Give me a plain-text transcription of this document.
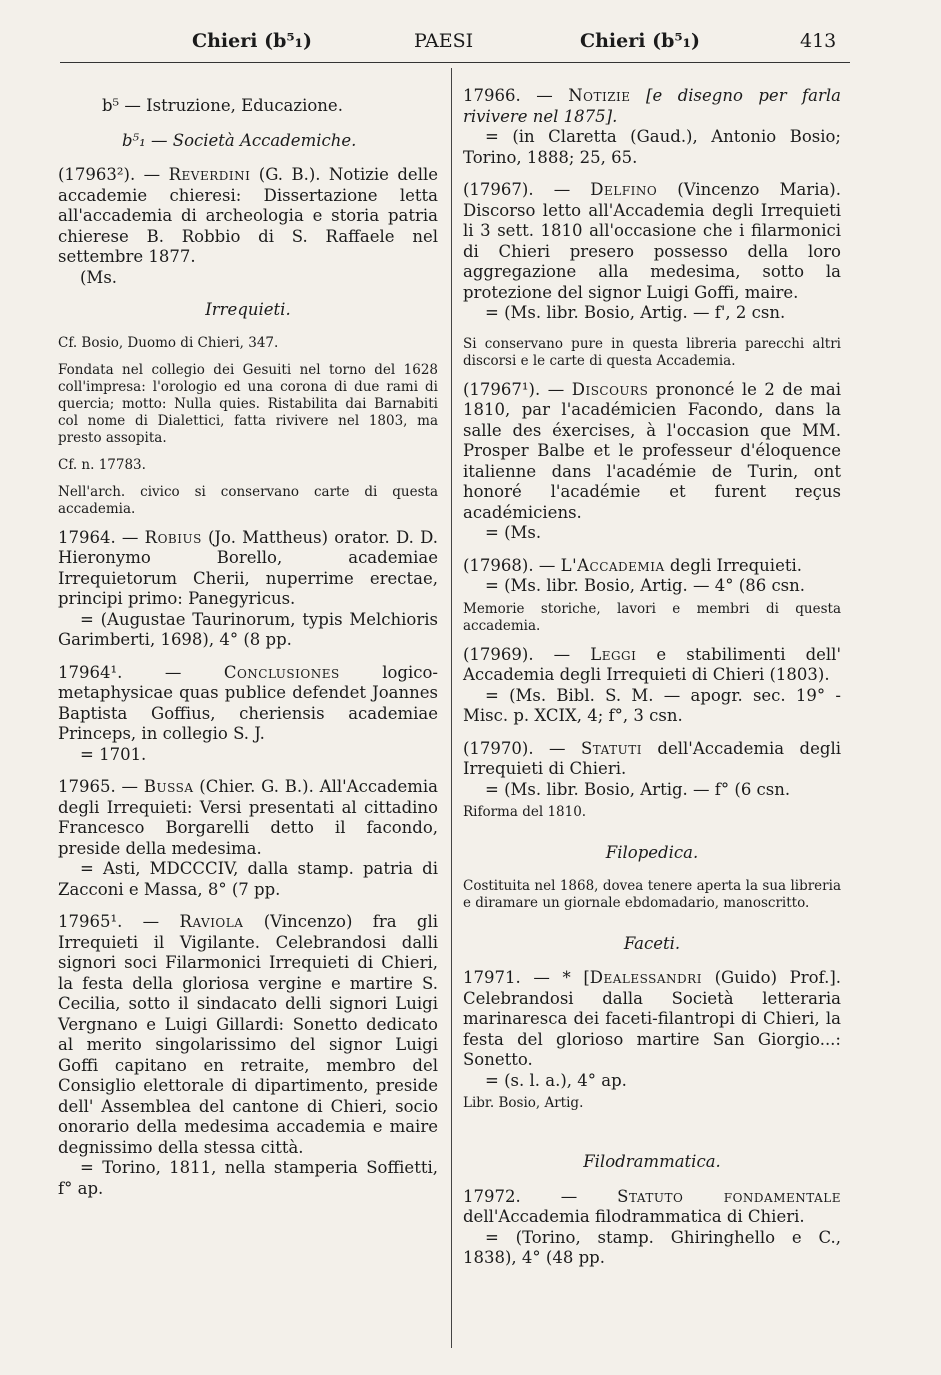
Chieri (b⁵₁)	PAESI	Chieri (b⁵₁)	413
b⁵ — Istruzione, Educazione.
b⁵₁ — Società Accademiche.
(17963²). — Reverdini (G. B.). Notizie delle accademie chieresi: Dissertazione letta all'accademia di archeologia e storia patria chierese B. Robbio di S. Raffaele nel settembre 1877.

(Ms.

Irrequieti.

Cf. Bosio, Duomo di Chieri, 347.

Fondata nel collegio dei Gesuiti nel torno del 1628 coll'impresa: l'orologio ed una corona di due rami di quercia; motto: Nulla quies. Ristabilita dai Barnabiti col nome di Dialettici, fatta rivivere nel 1803, ma presto assopita.

Cf. n. 17783.

Nell'arch. civico si conservano carte di questa accademia.

17964. — Robius (Jo. Mattheus) orator. D. D. Hieronymo Borello, academiae Irrequietorum Cherii, nuperrime erectae, principi primo: Panegyricus.

= (Augustae Taurinorum, typis Melchioris Garimberti, 1698), 4° (8 pp.

17964¹. —	Conclusiones logico-metaphysicae quas publice defendet Joannes Baptista Goffius, cheriensis academiae Princeps, in collegio S. J.

= 1701.

17965. — Bussa (Chier. G. B.). All'Accademia degli Irrequieti: Versi presentati al cittadino Francesco Borgarelli detto il facondo, preside della medesima.

= Asti, MDCCCIV, dalla stamp. patria di Zacconi e Massa, 8° (7 pp.

17965¹. — Raviola (Vincenzo) fra gli Irrequieti il Vigilante. Celebrandosi dalli signori soci Filarmonici Irrequieti di Chieri, la festa della gloriosa vergine e martire S. Cecilia, sotto il sindacato delli signori Luigi Vergnano e Luigi Gillardi: Sonetto dedicato al merito singolarissimo del signor Luigi Goffi capitano en retraite, membro del Consiglio elettorale di dipartimento, preside dell' Assemblea del cantone di Chieri, socio onorario della medesima accademia e maire degnissimo della stessa città.

= Torino, 1811, nella stamperia Soffietti, f° ap.

17966. — Notizie [e disegno per farla rivivere nel 1875].

= (in Claretta (Gaud.), Antonio Bosio; Torino, 1888; 25, 65.

(17967). — Delfino (Vincenzo Maria). Discorso letto all'Accademia degli Irrequieti li 3 sett. 1810 all'occasione che i filarmonici di Chieri presero possesso della loro aggregazione alla medesima, sotto la protezione del signor Luigi Goffi, maire.

= (Ms. libr. Bosio, Artig. — f', 2 csn.

Si conservano pure in questa libreria parecchi altri discorsi e le carte di questa Accademia.

(17967¹). — Discours prononcé le 2 de mai 1810, par l'académicien Facondo, dans la salle des éxercises, à l'occasion que MM. Prosper Balbe et le professeur d'éloquence italienne dans l'académie de Turin, ont honoré l'académie et furent reçus académiciens.

= (Ms.

(17968). — L'Accademia degli Irrequieti.

= (Ms. libr. Bosio, Artig. — 4° (86 csn.

Memorie storiche, lavori e membri di questa accademia.

(17969). — Leggi e stabilimenti dell' Accademia degli Irrequieti di Chieri (1803).

= (Ms. Bibl. S. M. — apogr. sec. 19° - Misc. p. XCIX, 4; f°, 3 csn.

(17970). — Statuti dell'Accademia degli Irrequieti di Chieri.

= (Ms. libr. Bosio, Artig. — f° (6 csn.

Riforma del 1810.

Filopedica.

Costituita nel 1868, dovea tenere aperta la sua libreria e diramare un giornale ebdomadario, manoscritto.

Faceti.
17971. — * [Dealessandri (Guido) Prof.]. Celebrandosi dalla Società letteraria marinaresca dei faceti-filantropi di Chieri, la festa del glorioso martire San Giorgio...: Sonetto.

= (s. l. a.), 4° ap.

Libr. Bosio, Artig.

Filodrammatica.
17972. — Statuto fondamentale dell'Accademia filodrammatica di Chieri.

= (Torino, stamp. Ghiringhello e C., 1838), 4° (48 pp.
